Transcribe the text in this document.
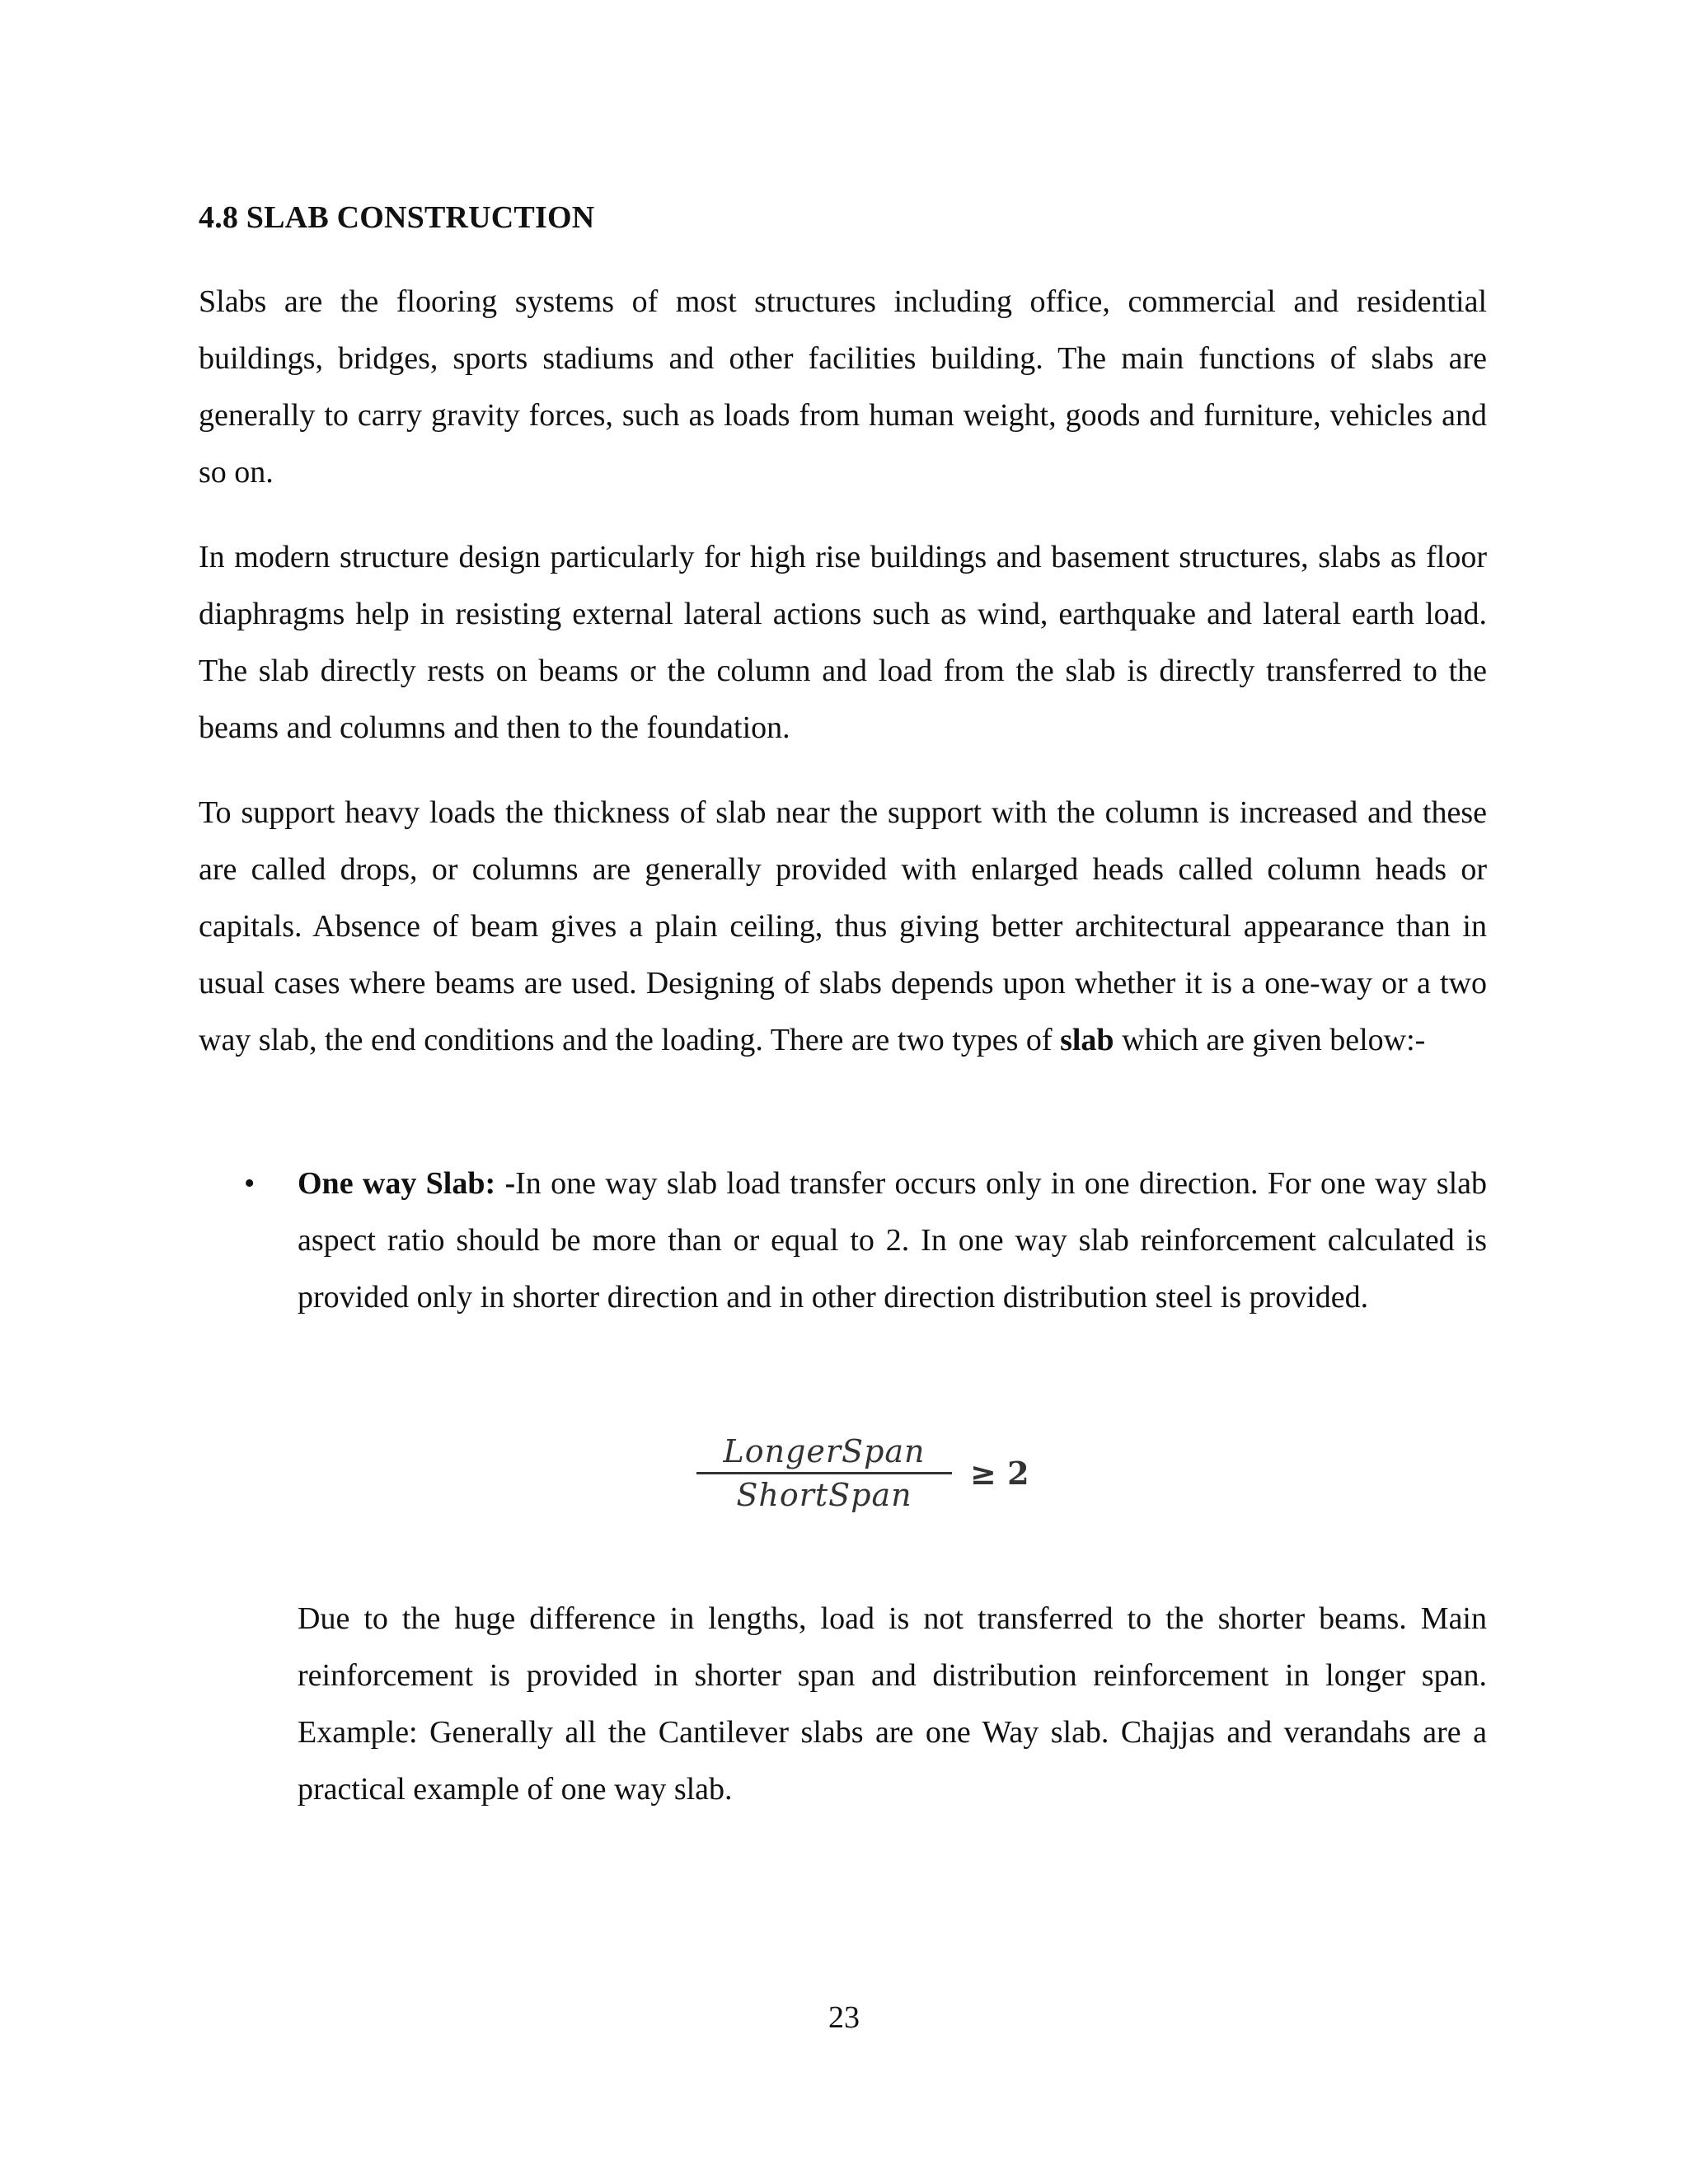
4.8 SLAB CONSTRUCTION

Slabs are the flooring systems of most structures including office, commercial and residential buildings, bridges, sports stadiums and other facilities building. The main functions of slabs are generally to carry gravity forces, such as loads from human weight, goods and furniture, vehicles and so on.

In modern structure design particularly for high rise buildings and basement structures, slabs as floor diaphragms help in resisting external lateral actions such as wind, earthquake and lateral earth load. The slab directly rests on beams or the column and load from the slab is directly transferred to the beams and columns and then to the foundation.

To support heavy loads the thickness of slab near the support with the column is increased and these are called drops, or columns are generally provided with enlarged heads called column heads or capitals. Absence of beam gives a plain ceiling, thus giving better architectural appearance than in usual cases where beams are used. Designing of slabs depends upon whether it is a one-way or a two way slab, the end conditions and the loading. There are two types of slab which are given below:-

• One way Slab: -In one way slab load transfer occurs only in one direction. For one way slab aspect ratio should be more than or equal to 2. In one way slab reinforcement calculated is provided only in shorter direction and in other direction distribution steel is provided.

$\frac{\text{LongerSpan}}{\text{ShortSpan}} \ge 2$

Due to the huge difference in lengths, load is not transferred to the shorter beams. Main reinforcement is provided in shorter span and distribution reinforcement in longer span. Example: Generally all the Cantilever slabs are one Way slab. Chajjas and verandahs are a practical example of one way slab.

23
